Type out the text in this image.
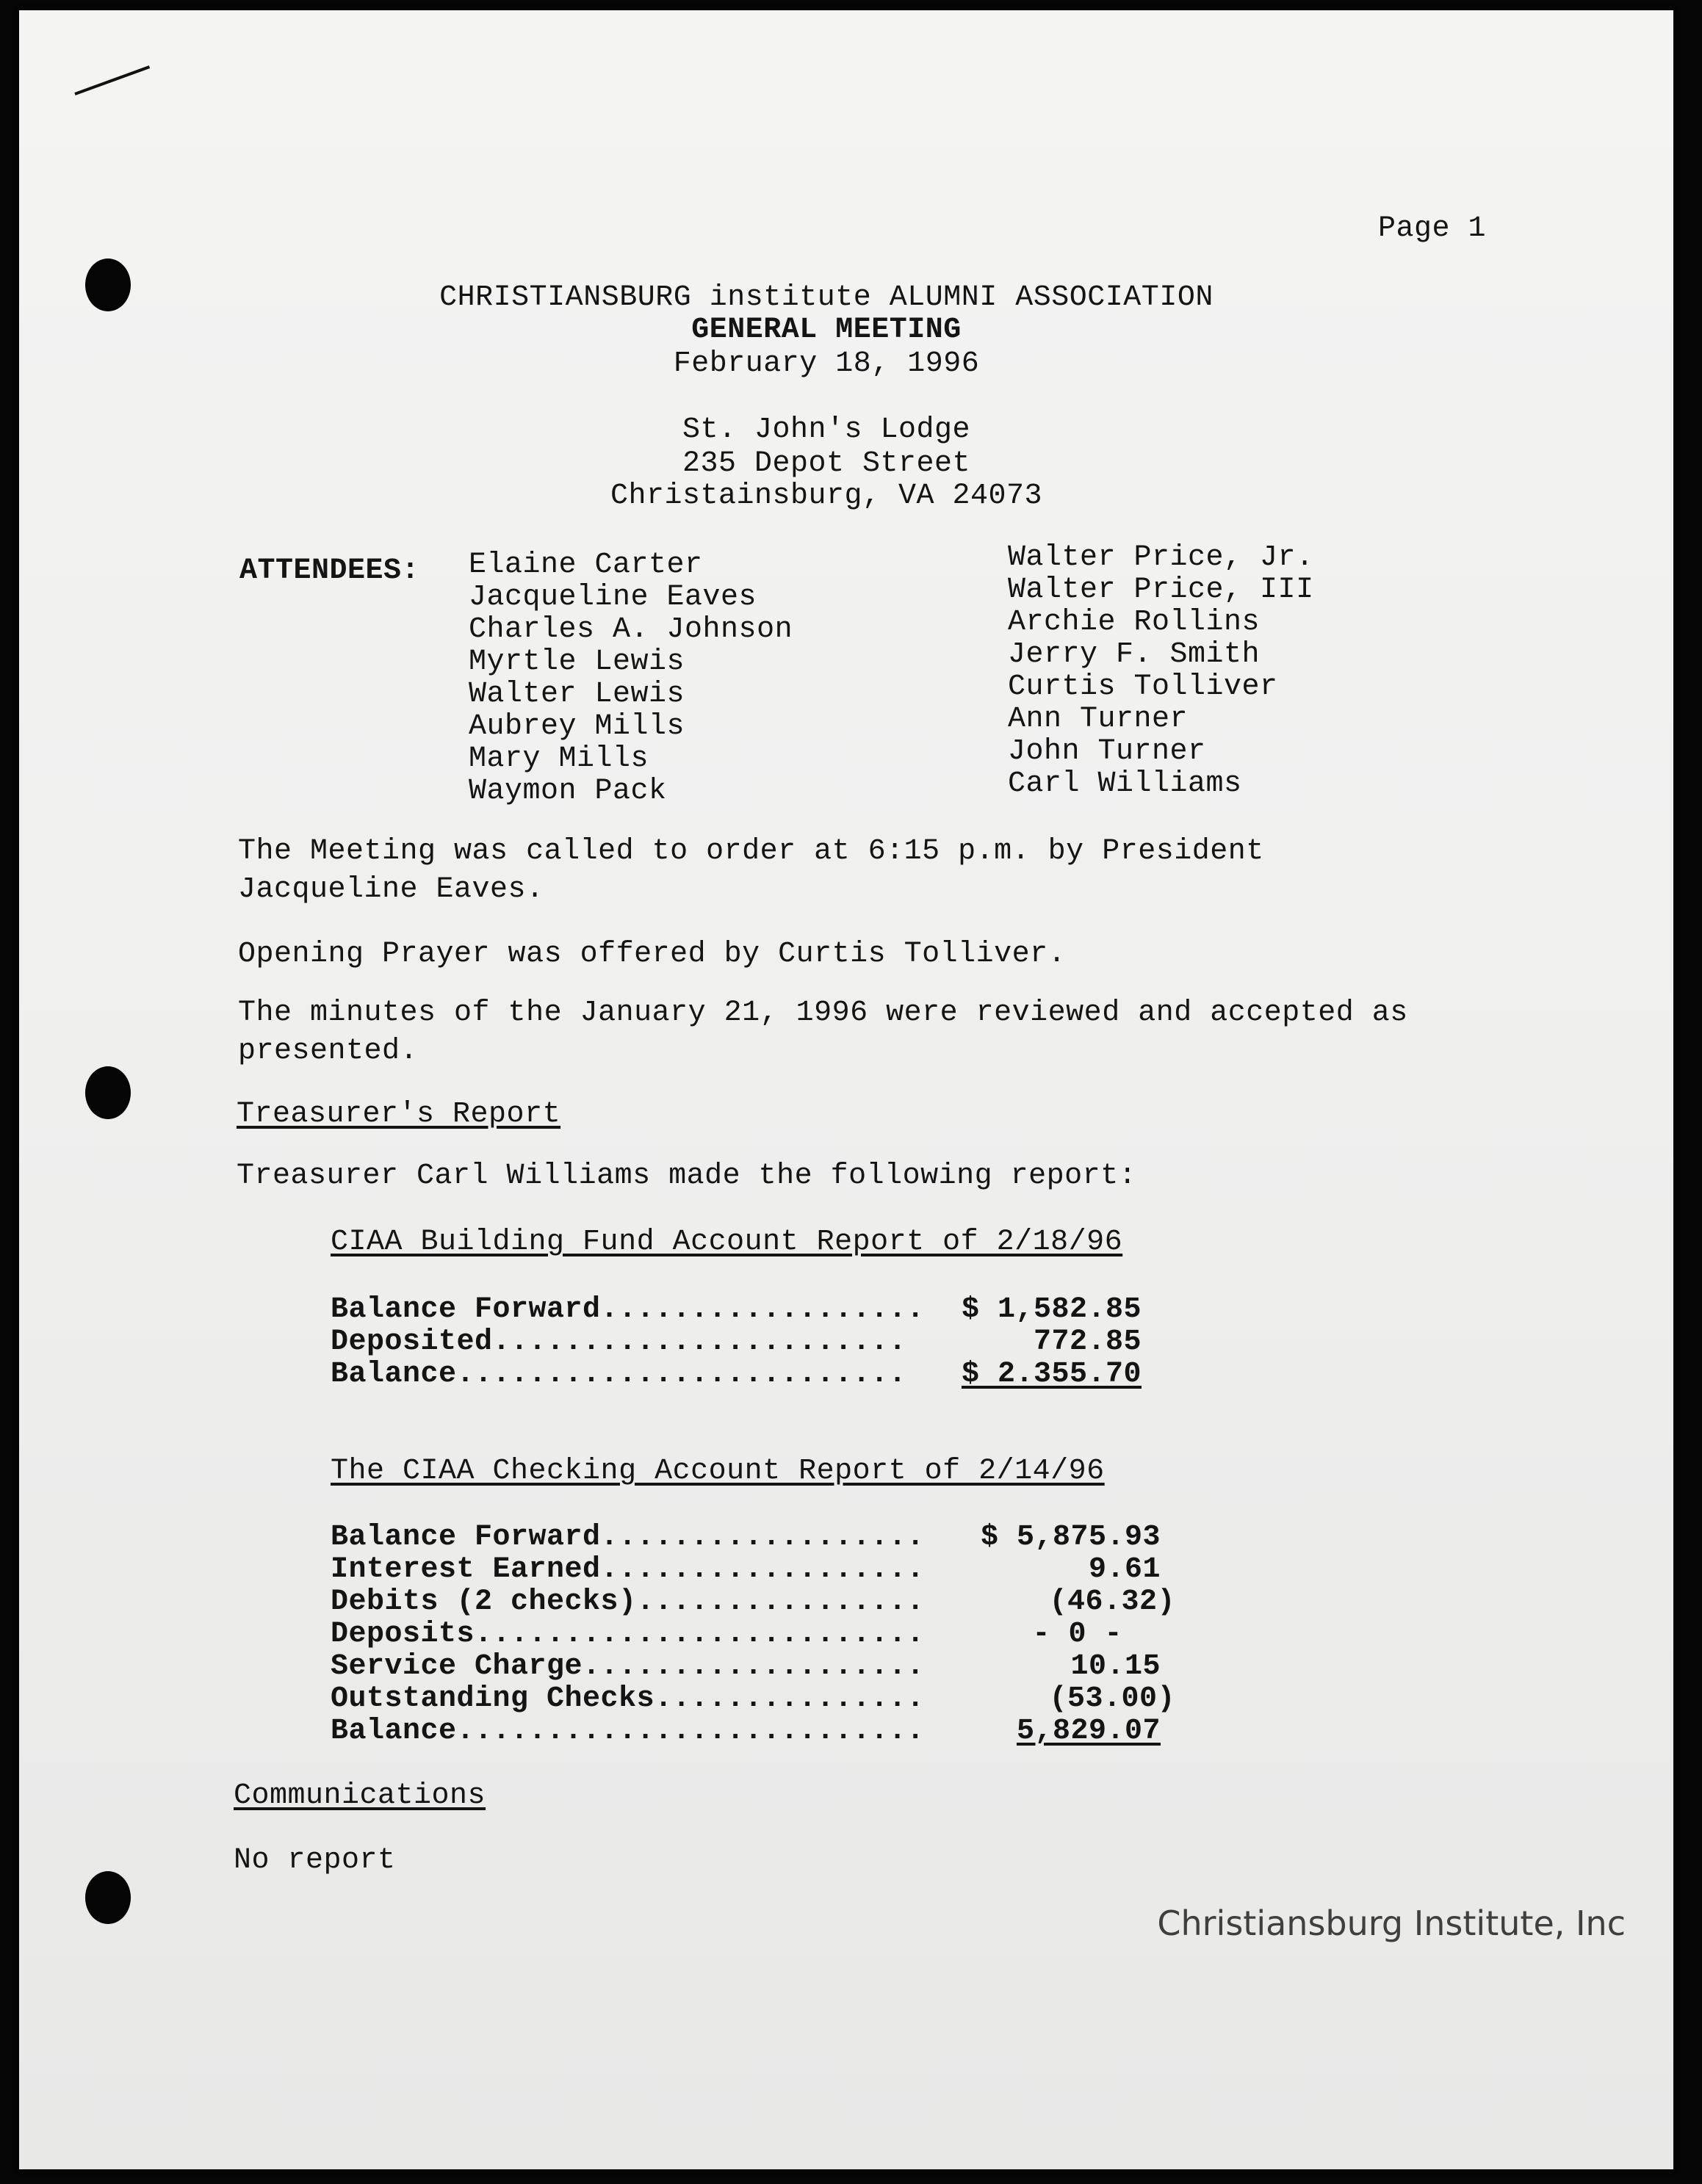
Page 1
CHRISTIANSBURG institute ALUMNI ASSOCIATION
GENERAL MEETING
February 18, 1996
St. John's Lodge
235 Depot Street
Christainsburg, VA 24073
ATTENDEES: Elaine Carter
Jacqueline Eaves
Charles A. Johnson
Myrtle Lewis
Walter Lewis
Aubrey Mills
Mary Mills
Waymon Pack
Walter Price, Jr.
Walter Price, III
Archie Rollins
Jerry F. Smith
Curtis Tolliver
Ann Turner
John Turner
Carl Williams
The Meeting was called to order at 6:15 p.m. by President
Jacqueline Eaves.
Opening Prayer was offered by Curtis Tolliver.
The minutes of the January 21, 1996 were reviewed and accepted as
presented.
Treasurer's Report
Treasurer Carl Williams made the following report:
CIAA Building Fund Account Report of 2/18/96
Balance Forward..................	$ 1,582.85
Deposited.......................	772.85
Balance.........................	$ 2.355.70
The CIAA Checking Account Report of 2/14/96
Balance Forward..................	$ 5,875.93
Interest Earned..................	9.61
Debits (2 checks)................	(46.32)
Deposits.........................	- 0 -
Service Charge...................	10.15
Outstanding Checks...............	(53.00)
Balance..........................	5,829.07
Communications
No report
Christiansburg Institute, Inc
